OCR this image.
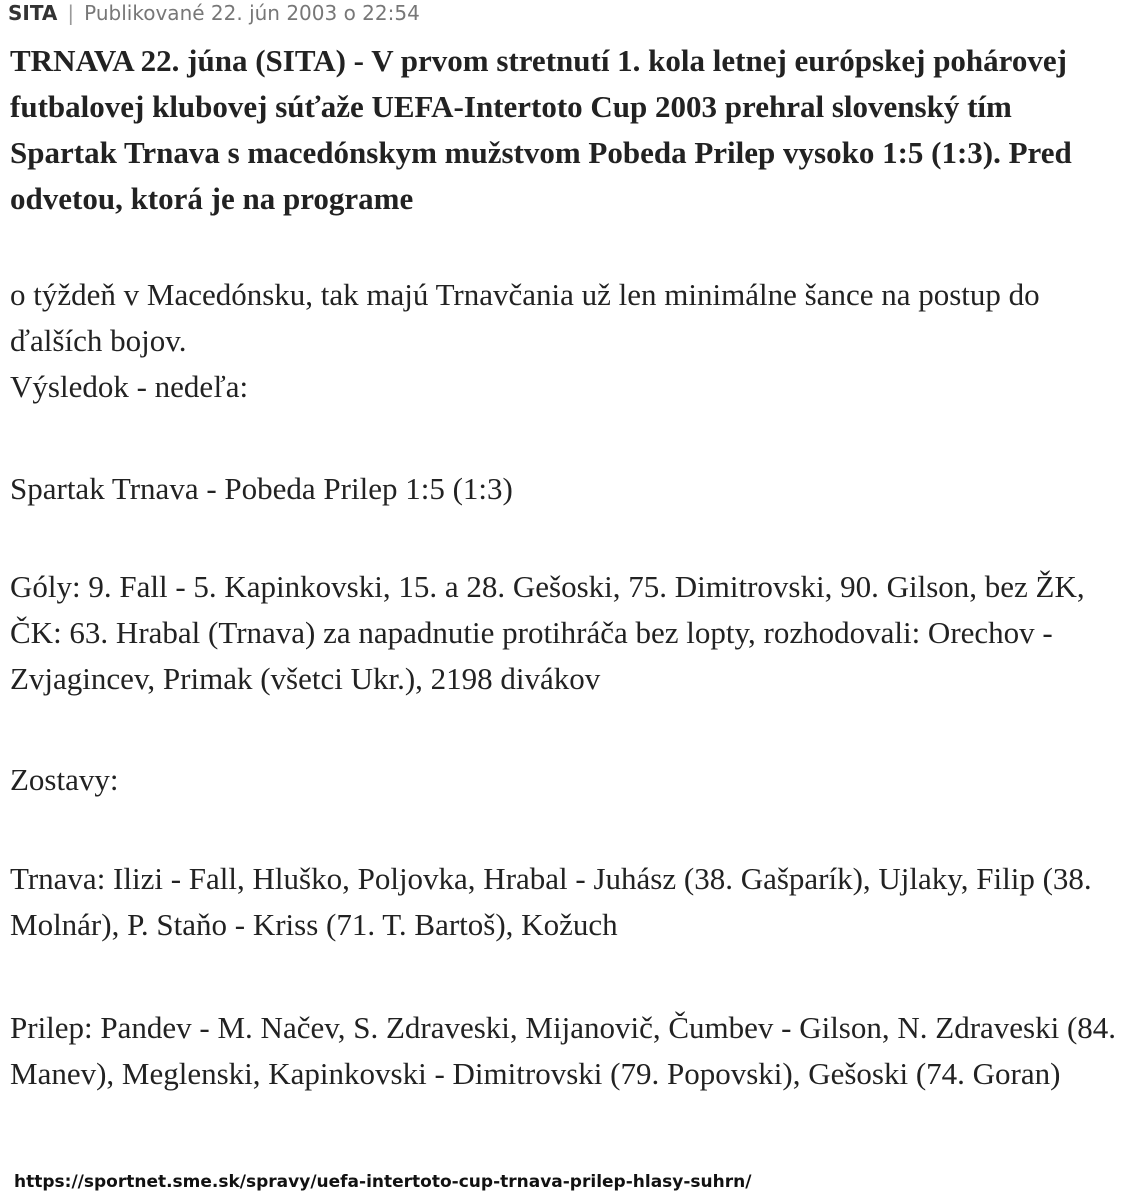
SITA | Publikované 22. jún 2003 o 22:54

TRNAVA 22. júna (SITA) - V prvom stretnutí 1. kola letnej európskej pohárovej futbalovej klubovej súťaže UEFA-Intertoto Cup 2003 prehral slovenský tím Spartak Trnava s macedónskym mužstvom Pobeda Prilep vysoko 1:5 (1:3). Pred odvetou, ktorá je na programe

o týždeň v Macedónsku, tak majú Trnavčania už len minimálne šance na postup do ďalších bojov.

Výsledok - nedeľa:

Spartak Trnava - Pobeda Prilep 1:5 (1:3)

Góly: 9. Fall - 5. Kapinkovski, 15. a 28. Gešoski, 75. Dimitrovski, 90. Gilson, bez ŽK, ČK: 63. Hrabal (Trnava) za napadnutie protihráča bez lopty, rozhodovali: Orechov - Zvjagincev, Primak (všetci Ukr.), 2198 divákov

Zostavy:

Trnava: Ilizi - Fall, Hluško, Poljovka, Hrabal - Juhász (38. Gašparík), Ujlaky, Filip (38. Molnár), P. Staňo - Kriss (71. T. Bartoš), Kožuch

Prilep: Pandev - M. Načev, S. Zdraveski, Mijanovič, Čumbev - Gilson, N. Zdraveski (84. Manev), Meglenski, Kapinkovski - Dimitrovski (79. Popovski), Gešoski (74. Goran)

https://sportnet.sme.sk/spravy/uefa-intertoto-cup-trnava-prilep-hlasy-suhrn/
